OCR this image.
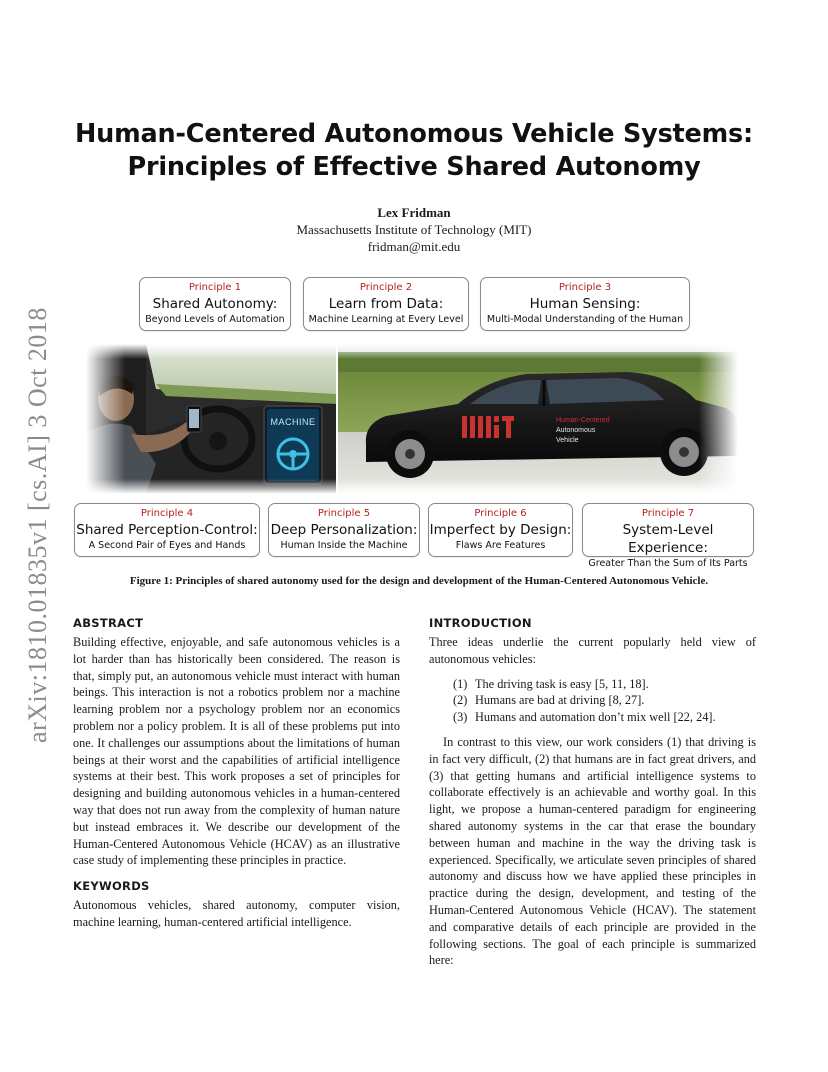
arXiv:1810.01835v1 [cs.AI] 3 Oct 2018
Human-Centered Autonomous Vehicle Systems:
Principles of Effective Shared Autonomy
Lex Fridman
Massachusetts Institute of Technology (MIT)
fridman@mit.edu
Principle 1
Shared Autonomy:
Beyond Levels of Automation
Principle 2
Learn from Data:
Machine Learning at Every Level
Principle 3
Human Sensing:
Multi-Modal Understanding of the Human
Principle 4
Shared Perception-Control:
A Second Pair of Eyes and Hands
Principle 5
Deep Personalization:
Human Inside the Machine
Principle 6
Imperfect by Design:
Flaws Are Features
Principle 7
System-Level Experience:
Greater Than the Sum of Its Parts
Figure 1: Principles of shared autonomy used for the design and development of the Human-Centered Autonomous Vehicle.
ABSTRACT

Building effective, enjoyable, and safe autonomous vehicles is a lot harder than has historically been considered. The reason is that, simply put, an autonomous vehicle must interact with human beings. This interaction is not a robotics problem nor a machine learning problem nor a psychology problem nor an economics problem nor a policy problem. It is all of these problems put into one. It challenges our assumptions about the limitations of human beings at their worst and the capabilities of artificial intelligence systems at their best. This work proposes a set of principles for designing and building autonomous vehicles in a human-centered way that does not run away from the complexity of human nature but instead embraces it. We describe our development of the Human-Centered Autonomous Vehicle (HCAV) as an illustrative case study of implementing these principles in practice.

KEYWORDS

Autonomous vehicles, shared autonomy, computer vision, machine learning, human-centered artificial intelligence.

INTRODUCTION

Three ideas underlie the current popularly held view of autonomous vehicles:

(1) The driving task is easy [5, 11, 18].
(2) Humans are bad at driving [8, 27].
(3) Humans and automation don’t mix well [22, 24].

In contrast to this view, our work considers (1) that driving is in fact very difficult, (2) that humans are in fact great drivers, and (3) that getting humans and artificial intelligence systems to collaborate effectively is an achievable and worthy goal. In this light, we propose a human-centered paradigm for engineering shared autonomy systems in the car that erase the boundary between human and machine in the way the driving task is experienced. Specifically, we articulate seven principles of shared autonomy and discuss how we have applied these principles in practice during the design, development, and testing of the Human-Centered Autonomous Vehicle (HCAV). The statement and comparative details of each principle are provided in the following sections. The goal of each principle is summarized here:
